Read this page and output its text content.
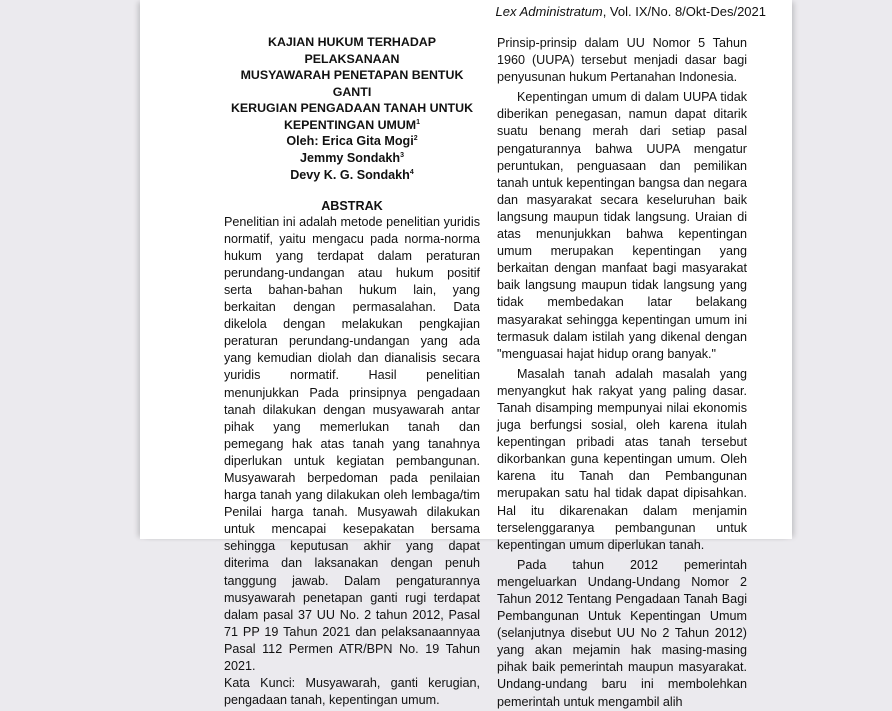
Lex Administratum, Vol. IX/No. 8/Okt-Des/2021

KAJIAN HUKUM TERHADAP PELAKSANAAN

MUSYAWARAH PENETAPAN BENTUK GANTI

KERUGIAN PENGADAAN TANAH UNTUK

KEPENTINGAN UMUM$^1$

Oleh: Erica Gita Mogi$^2$

Jemmy Sondakh$^3$

Devy K. G. Sondakh$^4$

ABSTRAK

Penelitian ini adalah metode penelitian yuridis normatif, yaitu mengacu pada norma-norma hukum yang terdapat dalam peraturan perundang-undangan atau hukum positif serta bahan-bahan hukum lain, yang berkaitan dengan permasalahan. Data dikelola dengan melakukan pengkajian peraturan perundang-undangan yang ada yang kemudian diolah dan dianalisis secara yuridis normatif. Hasil penelitian menunjukkan Pada prinsipnya pengadaan tanah dilakukan dengan musyawarah antar pihak yang memerlukan tanah dan pemegang hak atas tanah yang tanahnya diperlukan untuk kegiatan pembangunan. Musyawarah berpedoman pada penilaian harga tanah yang dilakukan oleh lembaga/tim Penilai harga tanah. Musyawah dilakukan untuk mencapai kesepakatan bersama sehingga keputusan akhir yang dapat diterima dan laksanakan dengan penuh tanggung jawab. Dalam pengaturannya musyawarah penetapan ganti rugi terdapat dalam pasal 37 UU No. 2 tahun 2012, Pasal 71 PP 19 Tahun 2021 dan pelaksanaannyaa Pasal 112 Permen ATR/BPN No. 19 Tahun 2021.

Kata Kunci: Musyawarah, ganti kerugian, pengadaan tanah, kepentingan umum.

Prinsip-prinsip dalam UU Nomor 5 Tahun 1960 (UUPA) tersebut menjadi dasar bagi penyusunan hukum Pertanahan Indonesia.

Kepentingan umum di dalam UUPA tidak diberikan penegasan, namun dapat ditarik suatu benang merah dari setiap pasal pengaturannya bahwa UUPA mengatur peruntukan, penguasaan dan pemilikan tanah untuk kepentingan bangsa dan negara dan masyarakat secara keseluruhan baik langsung maupun tidak langsung. Uraian di atas menunjukkan bahwa kepentingan umum merupakan kepentingan yang berkaitan dengan manfaat bagi masyarakat baik langsung maupun tidak langsung yang tidak membedakan latar belakang masyarakat sehingga kepentingan umum ini termasuk dalam istilah yang dikenal dengan "menguasai hajat hidup orang banyak."

Masalah tanah adalah masalah yang menyangkut hak rakyat yang paling dasar. Tanah disamping mempunyai nilai ekonomis juga berfungsi sosial, oleh karena itulah kepentingan pribadi atas tanah tersebut dikorbankan guna kepentingan umum. Oleh karena itu Tanah dan Pembangunan merupakan satu hal tidak dapat dipisahkan. Hal itu dikarenakan dalam menjamin terselenggaranya pembangunan untuk kepentingan umum diperlukan tanah.

Pada tahun 2012 pemerintah mengeluarkan Undang-Undang Nomor 2 Tahun 2012 Tentang Pengadaan Tanah Bagi Pembangunan Untuk Kepentingan Umum (selanjutnya disebut UU No 2 Tahun 2012) yang akan mejamin hak masing-masing pihak baik pemerintah maupun masyarakat. Undang-undang baru ini membolehkan pemerintah untuk mengambil alih
